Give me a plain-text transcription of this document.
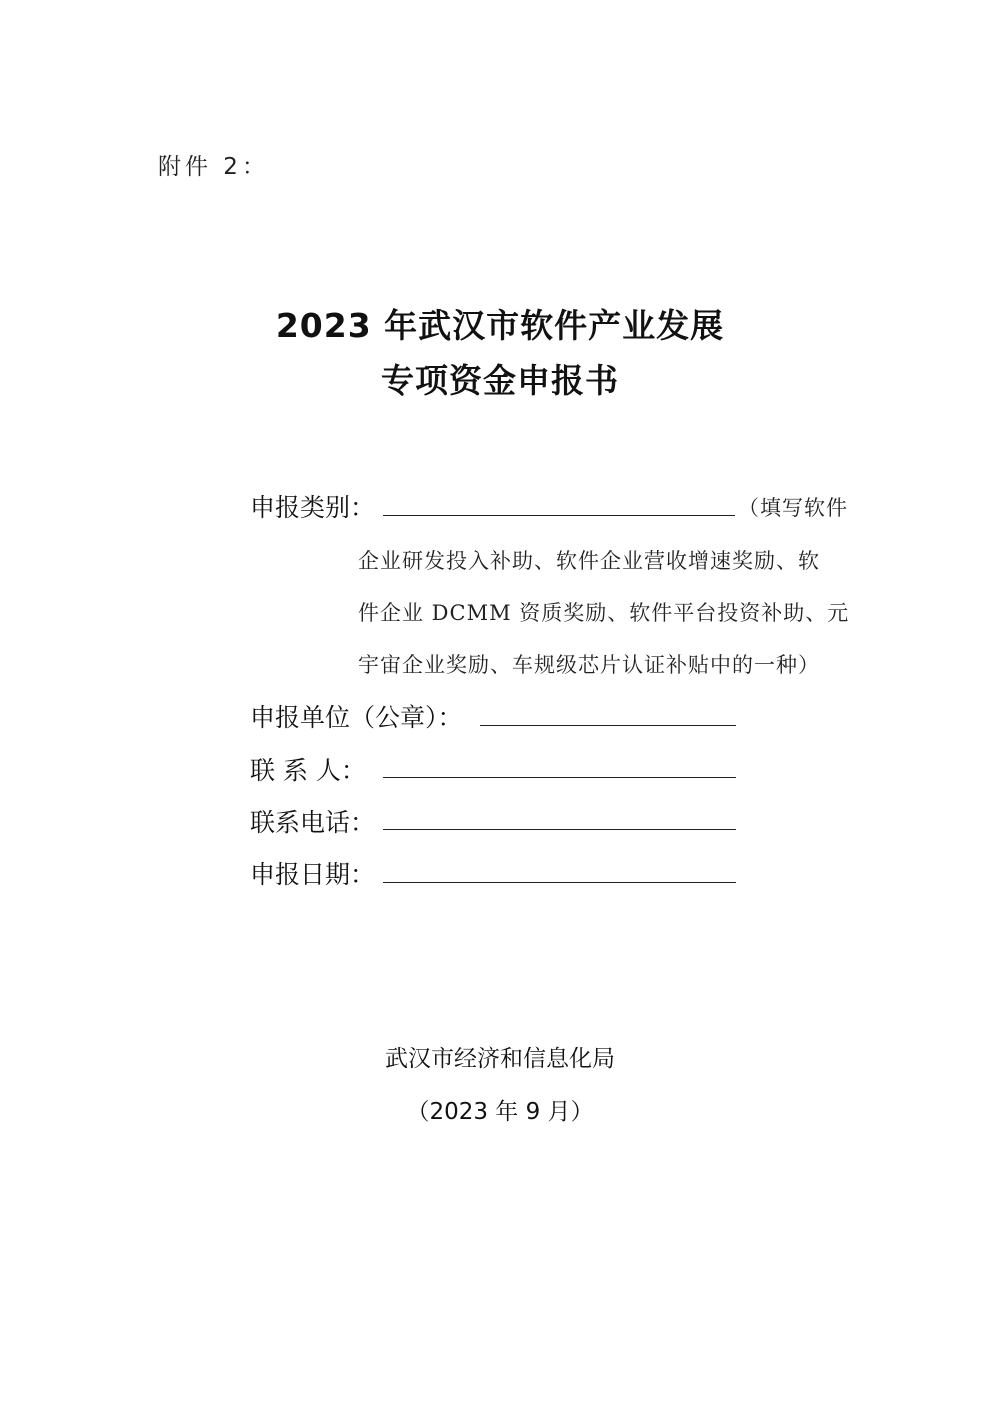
附件 2：
2023 年武汉市软件产业发展
专项资金申报书
申报类别：	（填写软件
企业研发投入补助、软件企业营收增速奖励、软
件企业 DCMM 资质奖励、软件平台投资补助、元
宇宙企业奖励、车规级芯片认证补贴中的一种）
申报单位（公章）：
联 系 人：
联系电话：
申报日期：
武汉市经济和信息化局
（2023 年 9 月）
